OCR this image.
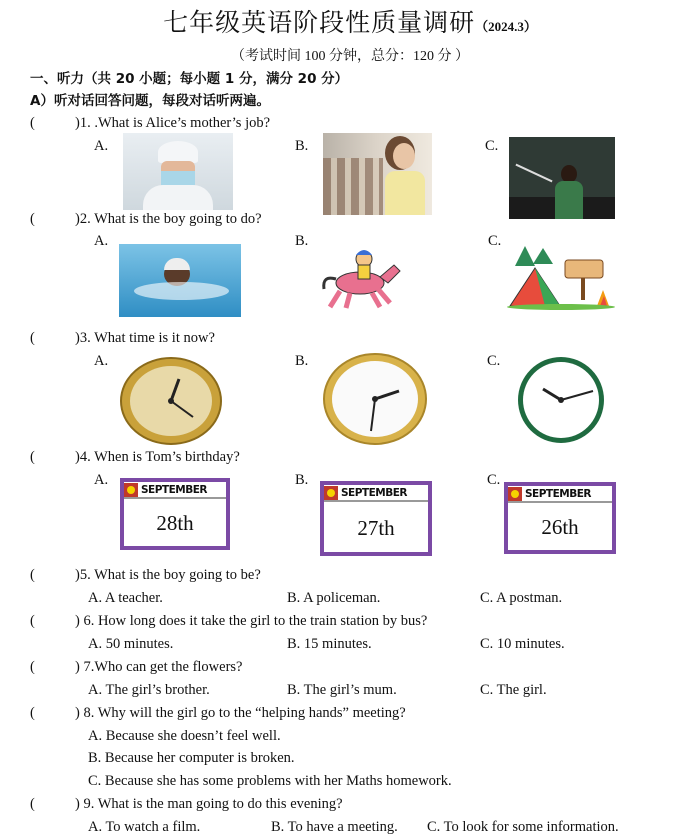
七年级英语阶段性质量调研（2024.3）
（考试时间 100 分钟，总分：120 分 ）
一、听力（共 20 小题；每小题 1 分，满分 20 分）
A）听对话回答问题，每段对话听两遍。
(	)1. .What is Alice’s mother’s job?
A.	B.	C.
(	)2. What is the boy going to do?
A.	B.	C.
(	)3. What time is it now?
A.	B.	C.
(	)4. When is Tom’s birthday?
A.	B.	C.
(	)5. What is the boy going to be?
A. A teacher.	B. A policeman.	C. A postman.
(	) 6. How long does it take the girl to the train station by bus?
A. 50 minutes.	B. 15 minutes.	C. 10 minutes.
(	) 7.Who can get the flowers?
A. The girl’s brother.	B. The girl’s mum.	C. The girl.
(	) 8. Why will the girl go to the “helping hands” meeting?
A. Because she doesn’t feel well.
B. Because her computer is broken.
C. Because she has some problems with her Maths homework.
(	) 9. What is the man going to do this evening?
A. To watch a film.	B. To have a meeting. C. To look for some information.
SEPTEMBER
28th
SEPTEMBER
27th
SEPTEMBER
26th
